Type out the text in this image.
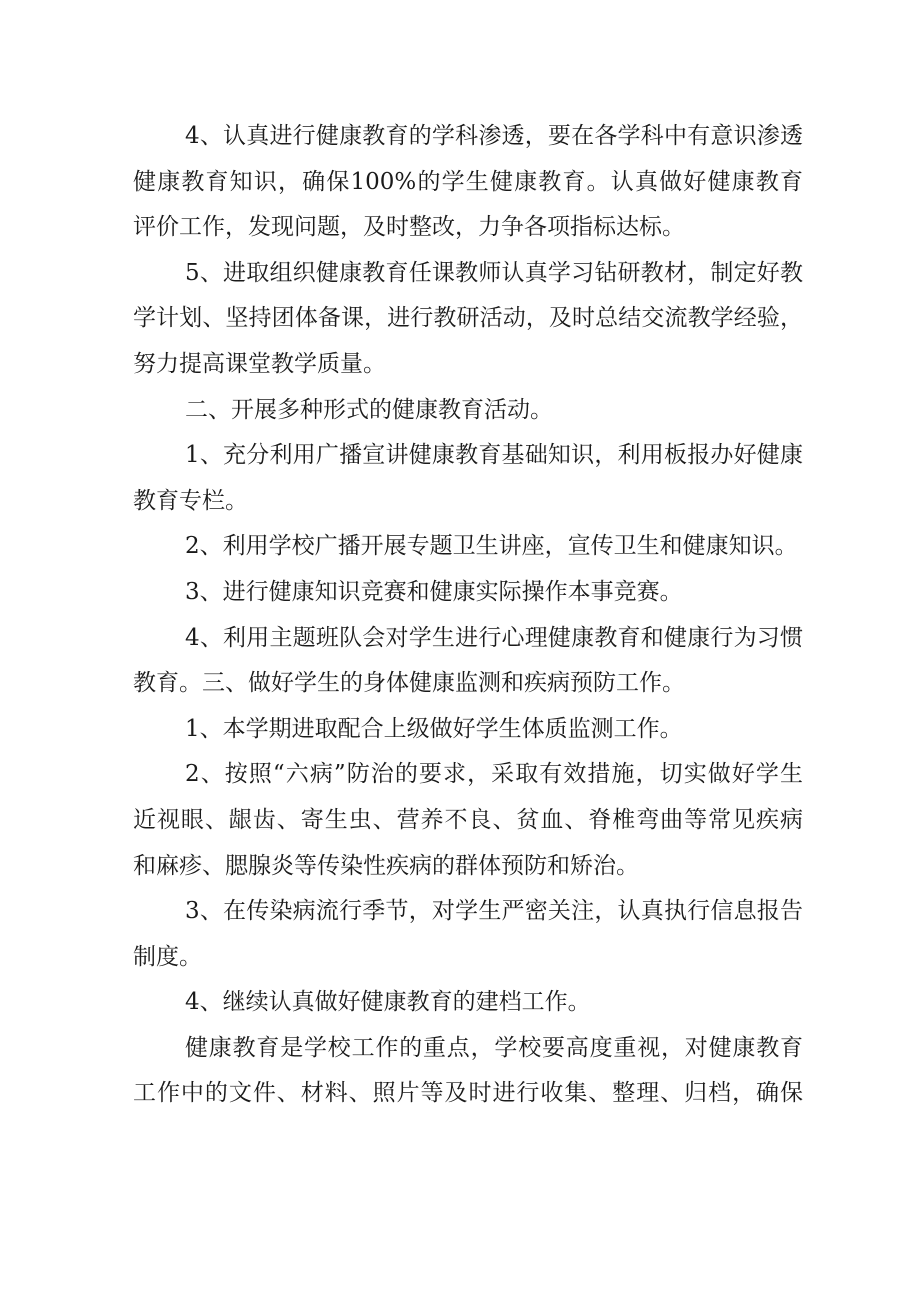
4、认真进行健康教育的学科渗透，要在各学科中有意识渗透
健康教育知识，确保100%的学生健康教育。认真做好健康教育
评价工作，发现问题，及时整改，力争各项指标达标。

5、进取组织健康教育任课教师认真学习钻研教材，制定好教
学计划、坚持团体备课，进行教研活动，及时总结交流教学经验，
努力提高课堂教学质量。

二、开展多种形式的健康教育活动。

1、充分利用广播宣讲健康教育基础知识，利用板报办好健康
教育专栏。

2、利用学校广播开展专题卫生讲座，宣传卫生和健康知识。

3、进行健康知识竞赛和健康实际操作本事竞赛。

4、利用主题班队会对学生进行心理健康教育和健康行为习惯
教育。三、做好学生的身体健康监测和疾病预防工作。

1、本学期进取配合上级做好学生体质监测工作。

2、按照“六病”防治的要求，采取有效措施，切实做好学生
近视眼、龈齿、寄生虫、营养不良、贫血、脊椎弯曲等常见疾病
和麻疹、腮腺炎等传染性疾病的群体预防和矫治。

3、在传染病流行季节，对学生严密关注，认真执行信息报告
制度。

4、继续认真做好健康教育的建档工作。

健康教育是学校工作的重点，学校要高度重视，对健康教育
工作中的文件、材料、照片等及时进行收集、整理、归档，确保
